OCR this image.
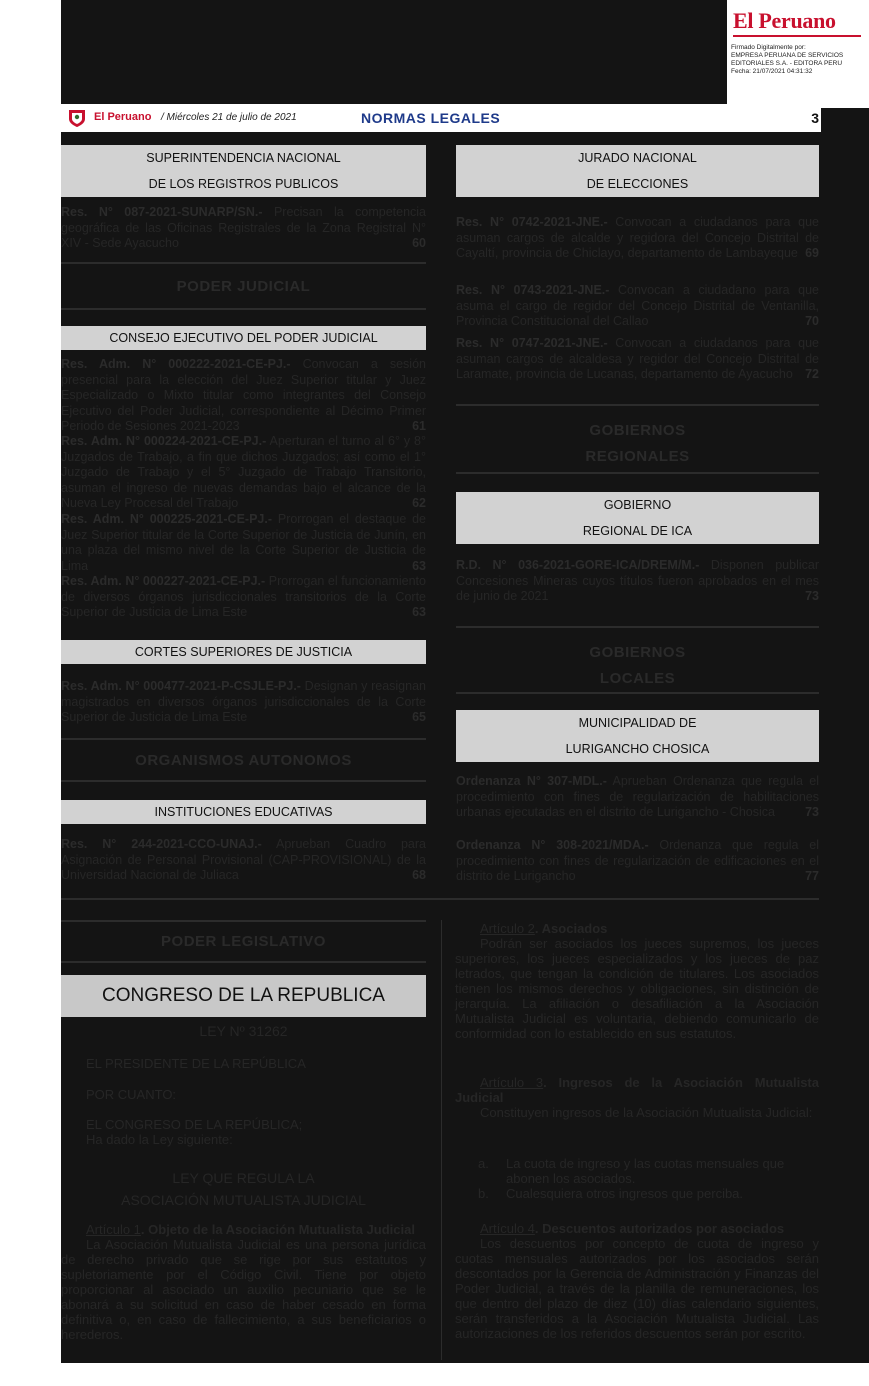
El Peruano
Firmado Digitalmente por:
EMPRESA PERUANA DE SERVICIOS
EDITORIALES S.A. - EDITORA PERU
Fecha: 21/07/2021 04:31:32
El Peruano / Miércoles 21 de julio de 2021	NORMAS LEGALES	3
SUPERINTENDENCIA NACIONAL
DE LOS REGISTROS PUBLICOS
Res. N° 087-2021-SUNARP/SN.- Precisan la competencia geográfica de las Oficinas Registrales de la Zona Registral N° XIV - Sede Ayacucho	60
PODER JUDICIAL
CONSEJO EJECUTIVO DEL PODER JUDICIAL
Res. Adm. N° 000222-2021-CE-PJ.- Convocan a sesión presencial para la elección del Juez Superior titular y Juez Especializado o Mixto titular como integrantes del Consejo Ejecutivo del Poder Judicial, correspondiente al Décimo Primer Periodo de Sesiones 2021-2023	61
Res. Adm. N° 000224-2021-CE-PJ.- Aperturan el turno al 6° y 8° Juzgados de Trabajo, a fin que dichos Juzgados; así como el 1° Juzgado de Trabajo y el 5° Juzgado de Trabajo Transitorio, asuman el ingreso de nuevas demandas bajo el alcance de la Nueva Ley Procesal del Trabajo	62
Res. Adm. N° 000225-2021-CE-PJ.- Prorrogan el destaque de Juez Superior titular de la Corte Superior de Justicia de Junín, en una plaza del mismo nivel de la Corte Superior de Justicia de Lima	63
Res. Adm. N° 000227-2021-CE-PJ.- Prorrogan el funcionamiento de diversos órganos jurisdiccionales transitorios de la Corte Superior de Justicia de Lima Este	63
CORTES SUPERIORES DE JUSTICIA
Res. Adm. N° 000477-2021-P-CSJLE-PJ.- Designan y reasignan magistrados en diversos órganos jurisdiccionales de la Corte Superior de Justicia de Lima Este	65
ORGANISMOS AUTONOMOS
INSTITUCIONES EDUCATIVAS
Res. N° 244-2021-CCO-UNAJ.- Aprueban Cuadro para Asignación de Personal Provisional (CAP-PROVISIONAL) de la Universidad Nacional de Juliaca	68
JURADO NACIONAL
DE ELECCIONES
Res. N° 0742-2021-JNE.- Convocan a ciudadanos para que asuman cargos de alcalde y regidora del Concejo Distrital de Cayaltí, provincia de Chiclayo, departamento de Lambayeque 69
Res. N° 0743-2021-JNE.- Convocan a ciudadano para que asuma el cargo de regidor del Concejo Distrital de Ventanilla, Provincia Constitucional del Callao	70
Res. N° 0747-2021-JNE.- Convocan a ciudadanos para que asuman cargos de alcaldesa y regidor del Concejo Distrital de Laramate, provincia de Lucanas, departamento de Ayacucho 72
GOBIERNOS
REGIONALES
GOBIERNO
REGIONAL DE ICA
R.D. N° 036-2021-GORE-ICA/DREM/M.- Disponen publicar Concesiones Mineras cuyos títulos fueron aprobados en el mes de junio de 2021	73
GOBIERNOS
LOCALES
MUNICIPALIDAD DE
LURIGANCHO CHOSICA
Ordenanza N° 307-MDL.- Aprueban Ordenanza que regula el procedimiento con fines de regularización de habilitaciones urbanas ejecutadas en el distrito de Lurigancho - Chosica 73
Ordenanza N° 308-2021/MDA.- Ordenanza que regula el procedimiento con fines de regularización de edificaciones en el distrito de Lurigancho	77
PODER LEGISLATIVO
CONGRESO DE LA REPUBLICA
LEY Nº 31262
EL PRESIDENTE DE LA REPÚBLICA
POR CUANTO:
EL CONGRESO DE LA REPÚBLICA;
Ha dado la Ley siguiente:
LEY QUE REGULA LA
ASOCIACIÓN MUTUALISTA JUDICIAL
Artículo 1. Objeto de la Asociación Mutualista Judicial
La Asociación Mutualista Judicial es una persona jurídica de derecho privado que se rige por sus estatutos y supletoriamente por el Código Civil. Tiene por objeto proporcionar al asociado un auxilio pecuniario que se le abonará a su solicitud en caso de haber cesado en forma definitiva o, en caso de fallecimiento, a sus beneficiarios o herederos.
Artículo 2. Asociados
Podrán ser asociados los jueces supremos, los jueces superiores, los jueces especializados y los jueces de paz letrados, que tengan la condición de titulares. Los asociados tienen los mismos derechos y obligaciones, sin distinción de jerarquía. La afiliación o desafiliación a la Asociación Mutualista Judicial es voluntaria, debiendo comunicarlo de conformidad con lo establecido en sus estatutos.
Artículo 3. Ingresos de la Asociación Mutualista Judicial
Constituyen ingresos de la Asociación Mutualista Judicial:
a. La cuota de ingreso y las cuotas mensuales que abonen los asociados.
b. Cualesquiera otros ingresos que perciba.
Artículo 4. Descuentos autorizados por asociados
Los descuentos por concepto de cuota de ingreso y cuotas mensuales autorizados por los asociados serán descontados por la Gerencia de Administración y Finanzas del Poder Judicial, a través de la planilla de remuneraciones, los que dentro del plazo de diez (10) días calendario siguientes, serán transferidos a la Asociación Mutualista Judicial. Las autorizaciones de los referidos descuentos serán por escrito.
